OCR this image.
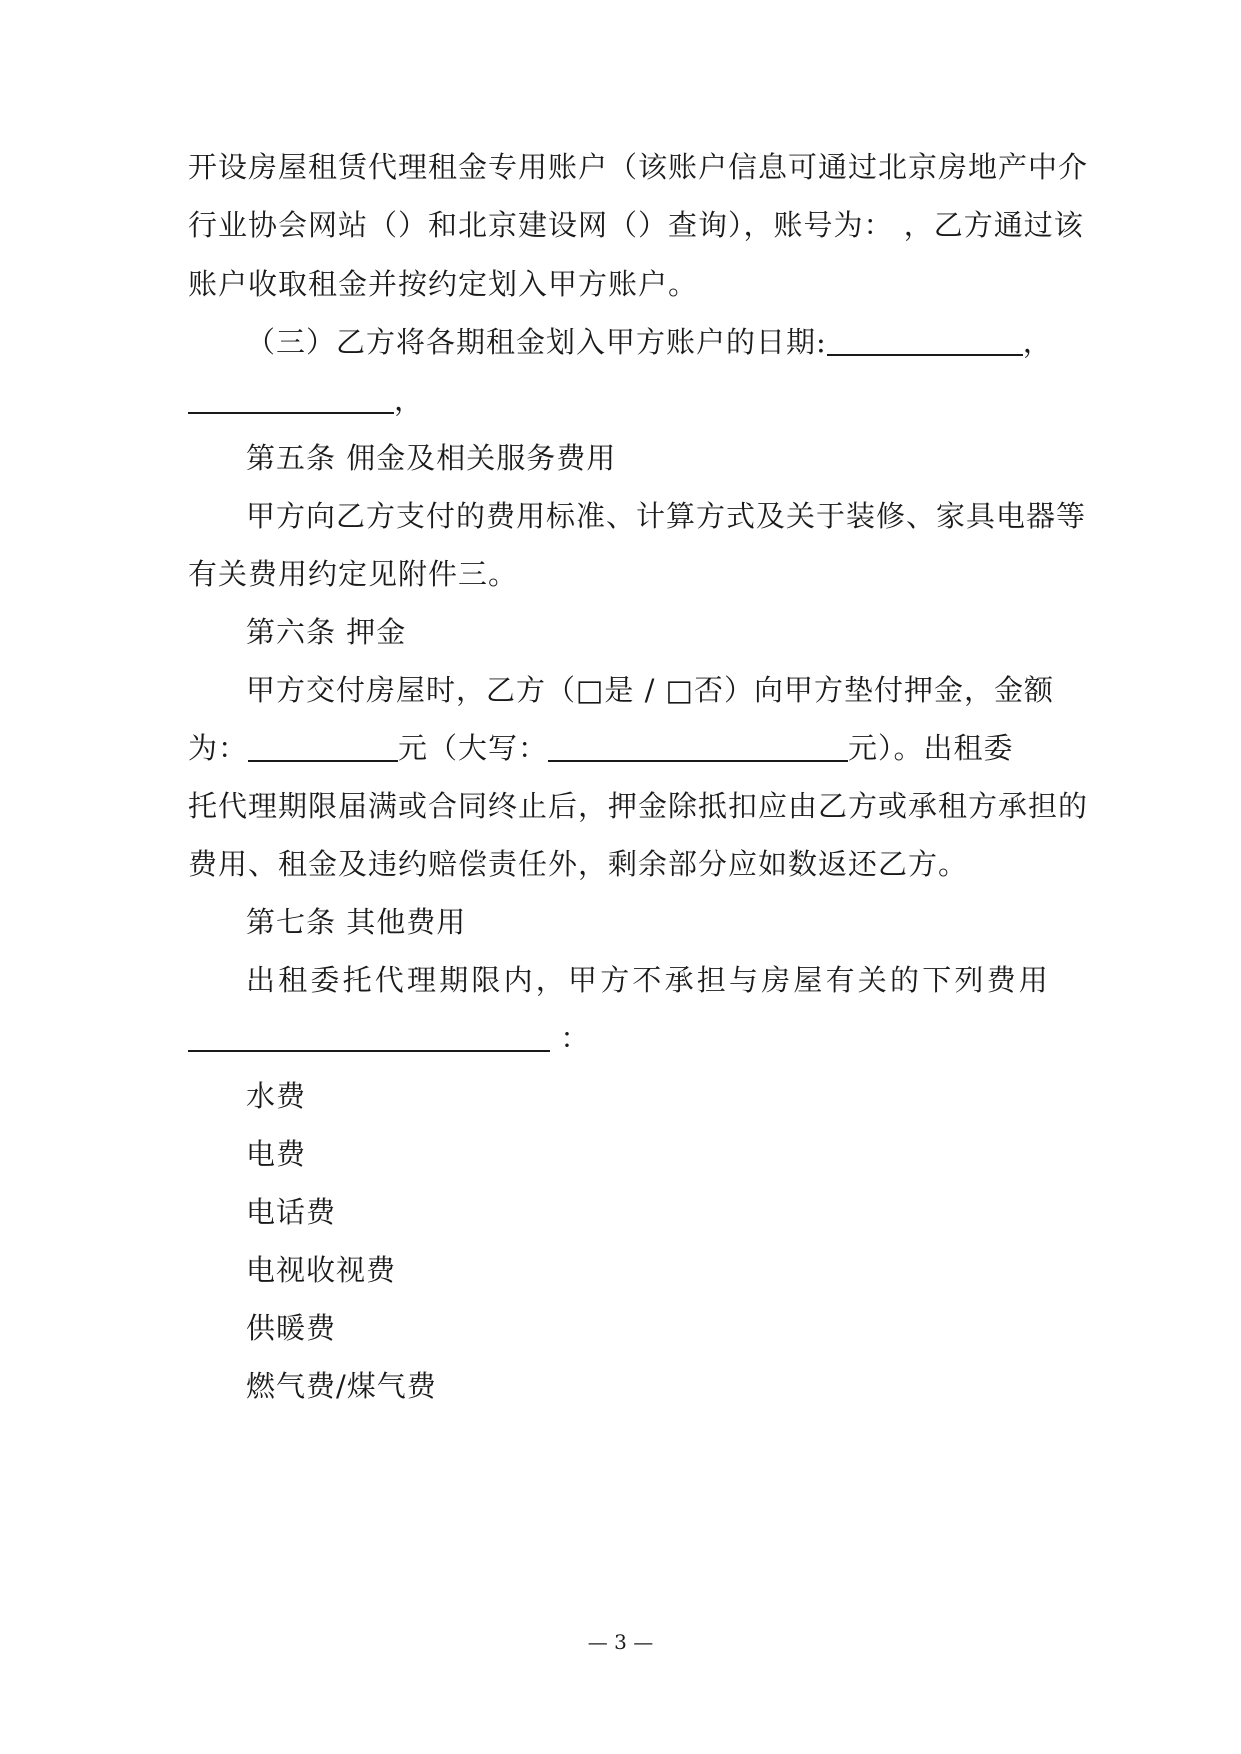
开设房屋租赁代理租金专用账户（该账户信息可通过北京房地产中介
行业协会网站（）和北京建设网（）查询），账号为： ，乙方通过该
账户收取租金并按约定划入甲方账户。
（三）乙方将各期租金划入甲方账户的日期:	，
，
第五条 佣金及相关服务费用
甲方向乙方支付的费用标准、计算方式及关于装修、家具电器等
有关费用约定见附件三。
第六条 押金
甲方交付房屋时，乙方（□是 / □否）向甲方垫付押金，金额
为：	元（大写：	元）。出租委
托代理期限届满或合同终止后，押金除抵扣应由乙方或承租方承担的
费用、租金及违约赔偿责任外，剩余部分应如数返还乙方。
第七条 其他费用
出租委托代理期限内，甲方不承担与房屋有关的下列费用
：
水费
电费
电话费
电视收视费
供暖费
燃气费/煤气费
— 3 —
